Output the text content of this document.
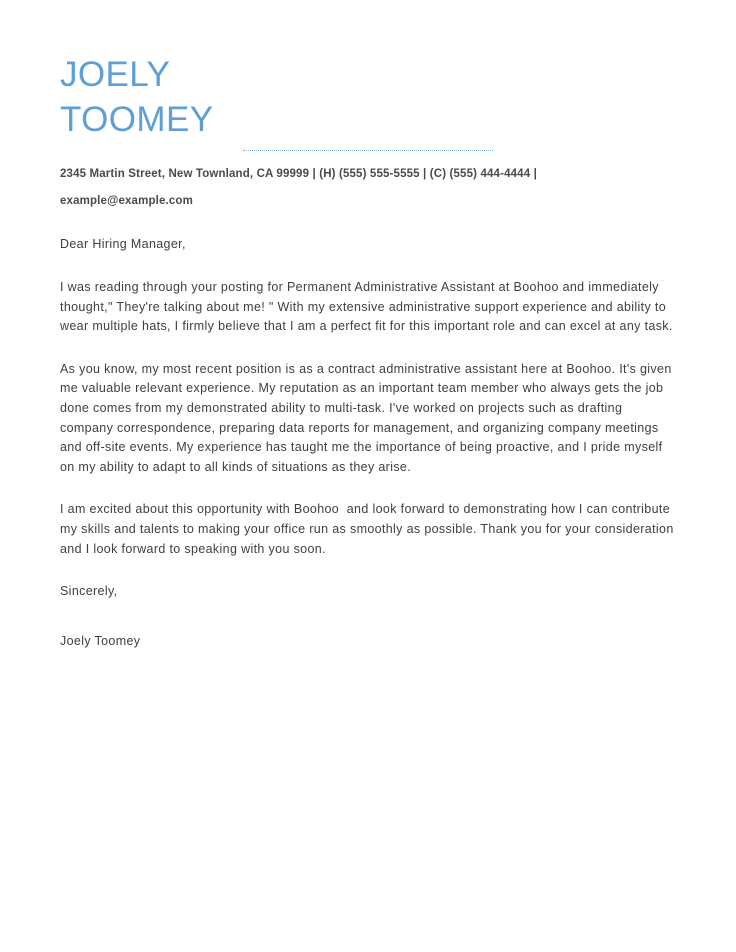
JOELY
TOOMEY
2345 Martin Street, New Townland, CA 99999 | (H) (555) 555-5555 | (C) (555) 444-4444 |
example@example.com

Dear Hiring Manager,

I was reading through your posting for Permanent Administrative Assistant at Boohoo and immediately thought," They're talking about me! " With my extensive administrative support experience and ability to wear multiple hats, I firmly believe that I am a perfect fit for this important role and can excel at any task.

As you know, my most recent position is as a contract administrative assistant here at Boohoo. It's given me valuable relevant experience. My reputation as an important team member who always gets the job done comes from my demonstrated ability to multi-task. I've worked on projects such as drafting company correspondence, preparing data reports for management, and organizing company meetings and off-site events. My experience has taught me the importance of being proactive, and I pride myself on my ability to adapt to all kinds of situations as they arise.

I am excited about this opportunity with Boohoo  and look forward to demonstrating how I can contribute my skills and talents to making your office run as smoothly as possible. Thank you for your consideration and I look forward to speaking with you soon.

Sincerely,

Joely Toomey
